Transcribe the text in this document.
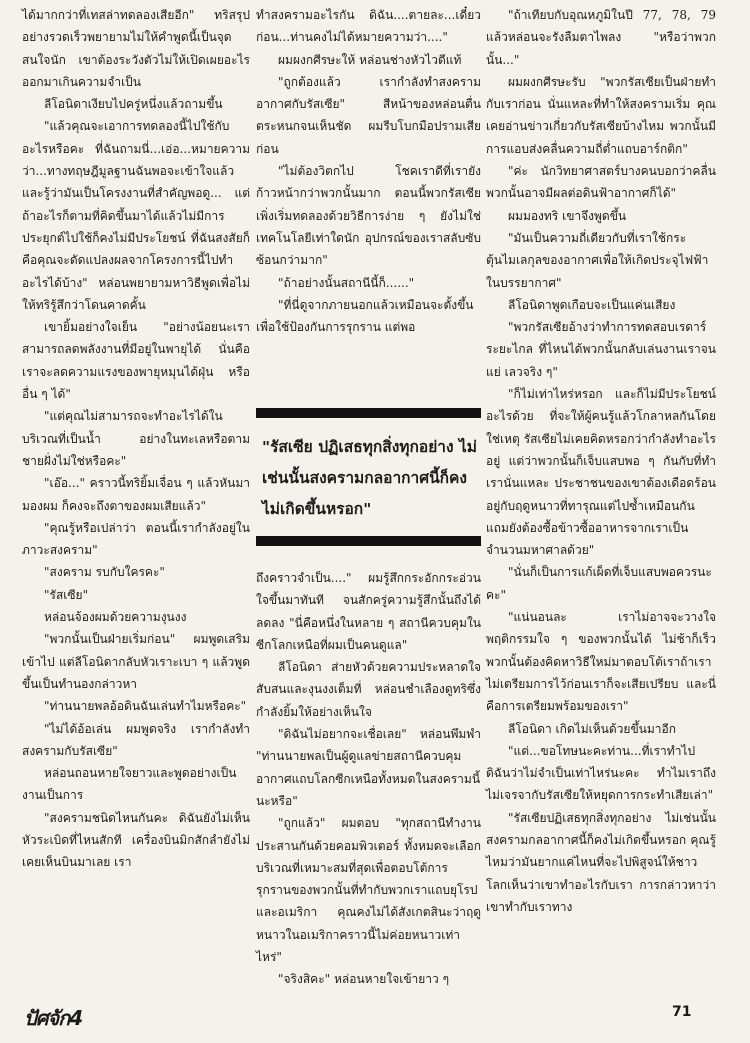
ได้มากกว่าที่เทสล่าทดลองเสียอีก" ทริสรุปอย่างรวดเร็วพยายามไม่ให้คำพูดนี้เป็นจุดสนใจนัก เขาต้องระวังตัวไม่ให้เปิดเผยอะไรออกมาเกินความจำเป็น

ลีโอนิดาเงียบไปครู่หนึ่งแล้วถามขึ้น

"แล้วคุณจะเอาการทดลองนี้ไปใช้กับอะไรหรือคะ ที่ฉันถามนี่...เอ่อ...หมายความว่า...ทางทฤษฎีมูลฐานฉันพอจะเข้าใจแล้ว และรู้ว่ามันเป็นโครงงานที่สำคัญพอดู... แต่ถ้าอะไรก็ตามที่คิดขึ้นมาได้แล้วไม่มีการประยุกต์ไปใช้ก็คงไม่มีประโยชน์ ที่ฉันสงสัยก็คือคุณจะดัดแปลงผลจากโครงการนี้ไปทำอะไรได้บ้าง" หล่อนพยายามหาวิธีพูดเพื่อไม่ให้ทริรู้สึกว่าโดนคาดคั้น

เขายิ้มอย่างใจเย็น "อย่างน้อยนะเราสามารถลดพลังงานที่มีอยู่ในพายุได้ นั่นคือเราจะลดความแรงของพายุหมุนได้ฝุ่น หรืออื่น ๆ ได้"

"แต่คุณไม่สามารถจะทำอะไรได้ในบริเวณที่เป็นน้ำ อย่างในทะเลหรือตามชายฝั่งไม่ใช่หรือคะ"

"เอ๊อ..." คราวนี้ทริยิ้มเจื่อน ๆ แล้วหันมามองผม ก็คงจะถึงตาของผมเสียแล้ว"

"คุณรู้หรือเปล่าว่า ตอนนี้เรากำลังอยู่ในภาวะสงคราม"

"สงคราม รบกับใครคะ"

"รัสเซีย"

หล่อนจ้องผมด้วยความงุนงง

"พวกนั้นเป็นฝ่ายเริ่มก่อน" ผมพูดเสริมเข้าไป แต่ลีโอนิดากลับหัวเราะเบา ๆ แล้วพูดขึ้นเป็นทำนองกล่าวหา

"ท่านนายพลอ้อดินฉันเล่นทำไมหรือคะ"

"ไม่ได้อ้อเล่น ผมพูดจริง เรากำลังทำสงครามกับรัสเซีย"

หล่อนถอนหายใจยาวและพูดอย่างเป็นงานเป็นการ

"สงครามชนิดไหนกันคะ ดิฉันยังไม่เห็นหัวระเบิดที่ไหนสักที เครื่องบินมิกสักลำยังไม่เคยเห็นบินมาเลย เรา

ทำสงครามอะไรกัน ดิฉัน....ตายละ...เดี๋ยวก่อน...ท่านคงไม่ได้หมายความว่า...."

ผมผงกศีรษะให้ หล่อนช่างหัวไวดีแท้

"ถูกต้องแล้ว เรากำลังทำสงครามอากาศกับรัสเซีย" สีหน้าของหล่อนตื่นตระหนกจนเห็นชัด ผมรีบโบกมือปรามเสียก่อน

"ไม่ต้องวิตกไป โชคเราดีที่เรายังก้าวหน้ากว่าพวกนั้นมาก ตอนนี้พวกรัสเซียเพิ่งเริ่มทดลองด้วยวิธีการง่าย ๆ ยังไม่ใช่เทคโนโลยีเท่าใดนัก อุปกรณ์ของเราสลับซับซ้อนกว่ามาก"

"ถ้าอย่างนั้นสถานีนี้ก็......"

"ที่นี่ดูจากภายนอกแล้วเหมือนจะตั้งขึ้นเพื่อใช้ป้องกันการรุกราน แต่พอ

"รัสเซีย ปฏิเสธทุกสิ่งทุกอย่าง ไม่เช่นนั้นสงครามกลอากาศนี้ก็คงไม่เกิดขึ้นหรอก"

ถึงคราวจำเป็น...." ผมรู้สึกกระอักกระอ่วนใจขึ้นมาทันที จนสักครู่ความรู้สึกนั้นถึงได้ลดลง "นี่คือหนึ่งในหลาย ๆ สถานีควบคุมในซีกโลกเหนือที่ผมเป็นคนดูแล"

ลีโอนิดา ส่ายหัวด้วยความประหลาดใจ สับสนและงุนงงเต็มที่ หล่อนชำเลืองดูทริซึ่งกำลังยิ้มให้อย่างเห็นใจ

"ดิฉันไม่อยากจะเชื่อเลย" หล่อนพึมพำ "ท่านนายพลเป็นผู้ดูแลข่ายสถานีควบคุมอากาศแถบโลกซีกเหนือทั้งหมดในสงครามนี้นะหรือ"

"ถูกแล้ว" ผมตอบ "ทุกสถานีทำงานประสานกันด้วยคอมพิวเตอร์ ทั้งหมดจะเลือกบริเวณที่เหมาะสมที่สุดเพื่อตอบโต้การรุกรานของพวกนั้นที่ทำกับพวกเราแถบยุโรปและอเมริกา คุณคงไม่ได้สังเกตสินะว่าฤดูหนาวในอเมริกาคราวนี้ไม่ค่อยหนาวเท่าไหร่"

"จริงสิคะ" หล่อนหายใจเข้ายาว ๆ

"ถ้าเทียบกับอุณหภูมิในปี 77, 78, 79 แล้วหล่อนจะรังลืมตาไพลง "หรือว่าพวกนั้น..."

ผมผงกศีรษะรับ "พวกรัสเซียเป็นฝ่ายทำกับเราก่อน นั่นแหละที่ทำให้สงครามเริ่ม คุณเคยอ่านข่าวเกี่ยวกับรัสเซียบ้างไหม พวกนั้นมีการแอบส่งคลื่นความถี่ต่ำแถบอาร์กติก"

"ค่ะ นักวิทยาศาสตร์บางคนบอกว่าคลื่นพวกนั้นอาจมีผลต่อดินฟ้าอากาศก็ได้"

ผมมองทริ เขาจึงพูดขึ้น

"มันเป็นความถี่เดียวกับที่เราใช้กระตุ้นไมเลกุลของอากาศเพื่อให้เกิดประจุไฟฟ้าในบรรยากาศ"

ลีโอนิดาพูดเกือบจะเป็นแค่นเสียง

"พวกรัสเซียอ้างว่าทำการทดสอบเรดาร์ระยะไกล ที่ไหนได้พวกนั้นกลับเล่นงานเราจนแย่ เลวจริง ๆ"

"ก็ไม่เท่าไหร่หรอก และก็ไม่มีประโยชน์อะไรด้วย ที่จะให้ผู้คนรู้แล้วโกลาหลกันโดยใช่เหตุ รัสเซียไม่เคยคิดหรอกว่ากำลังทำอะไรอยู่ แต่ว่าพวกนั้นก็เจ็บแสบพอ ๆ กันกับที่ทำเรานั่นแหละ ประชาชนของเขาต้องเดือดร้อนอยู่กับฤดูหนาวที่ทารุณแต่ไปซ้ำเหมือนกัน แถมยังต้องซื้อข้าวซื้ออาหารจากเราเป็นจำนวนมหาศาลด้วย"

"นั่นก็เป็นการแก้เผ็ดที่เจ็บแสบพอควรนะคะ"

"แน่นอนละ เราไม่อาจจะวางใจพฤติกรรมใจ ๆ ของพวกนั้นได้ ไม่ช้าก็เร็ว พวกนั้นต้องคิดหาวิธีใหม่มาตอบโต้เราถ้าเราไม่เตรียมการไว้ก่อนเราก็จะเสียเปรียบ และนี่คือการเตรียมพร้อมของเรา"

ลีโอนิดา เกิดไม่เห็นด้วยขึ้นมาอีก

"แต่...ขอโทษนะคะท่าน...ที่เราทำไป ดิฉันว่าไม่จำเป็นเท่าไหร่นะคะ ทำไมเราถึงไม่เจรจากับรัสเซียให้หยุดการกระทำเสียเล่า"

"รัสเซียปฏิเสธทุกสิ่งทุกอย่าง ไม่เช่นนั้นสงครามกลอากาศนี้ก็คงไม่เกิดขึ้นหรอก คุณรู้ไหมว่ามันยากแค่ไหนที่จะไปพิสูจน์ให้ชาวโลกเห็นว่าเขาทำอะไรกับเรา การกล่าวหาว่าเขาทำกับเราทาง

ปัศจัก4	71
